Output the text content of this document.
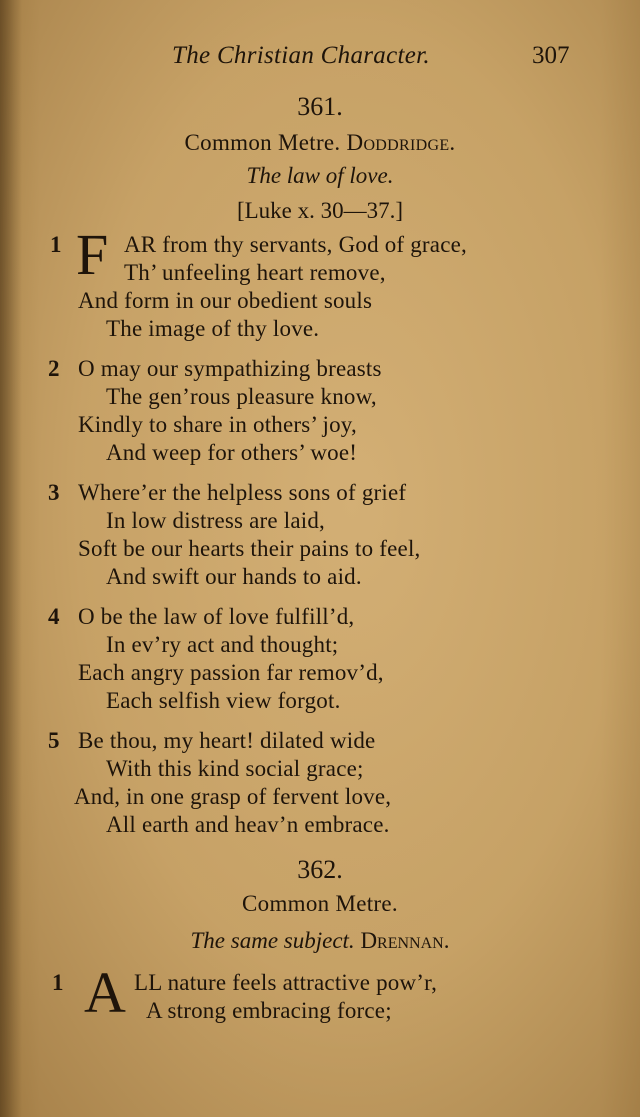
The Christian Character.	307
361.
Common Metre. Doddridge.
The law of love.
[Luke x. 30—37.]
1 F AR from thy servants, God of grace,
Th’ unfeeling heart remove,
And form in our obedient souls
The image of thy love.
2 O may our sympathizing breasts
The gen’rous pleasure know,
Kindly to share in others’ joy,
And weep for others’ woe!
3 Where’er the helpless sons of grief
In low distress are laid,
Soft be our hearts their pains to feel,
And swift our hands to aid.
4 O be the law of love fulfill’d,
In ev’ry act and thought;
Each angry passion far remov’d,
Each selfish view forgot.
5 Be thou, my heart! dilated wide
With this kind social grace;
And, in one grasp of fervent love,
All earth and heav’n embrace.
362.
Common Metre.
The same subject. Drennan.
1 A LL nature feels attractive pow’r,
A strong embracing force;
